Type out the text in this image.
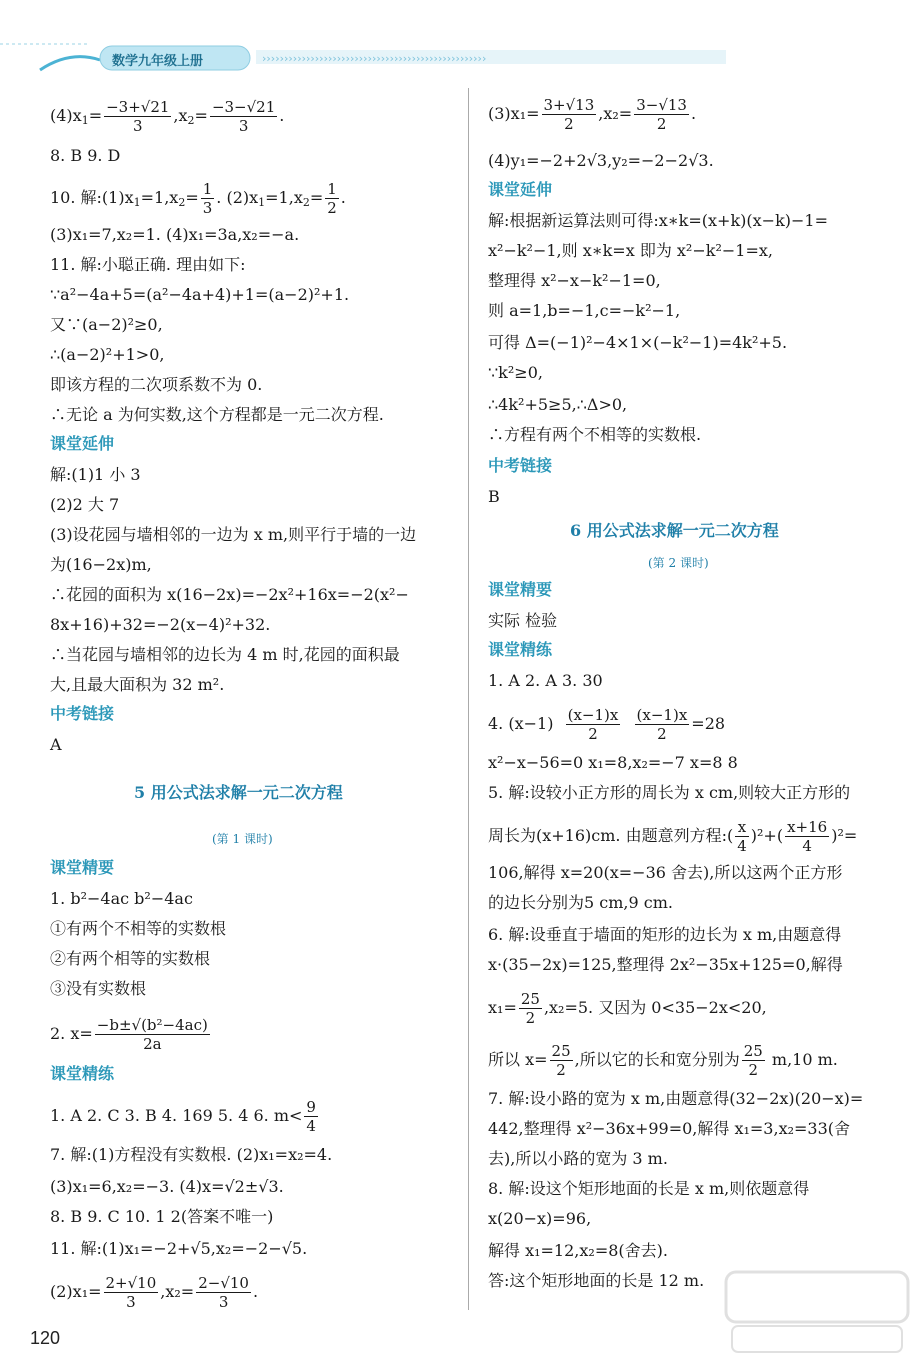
›››››››››››››››››››››››››››››››››››››››››››››››››››
数学九年级上册
$(4)x_1= \frac{-3+√21}{3} ,x_2= \frac{-3-√21}{3}$ .
8. B 9. D
10. 解$:(1)x_1=1,x_2= \frac{1}{3}$ . $(2)x_1=1,x_2= \frac{1}{2}$ .
(3)x₁=7,x₂=1. (4)x₁=3a,x₂=−a.
11. 解:小聪正确. 理由如下:
∵a²−4a+5=(a²−4a+4)+1=(a−2)²+1.
又∵(a−2)²≥0,
∴(a−2)²+1>0,
即该方程的二次项系数不为 0.
∴无论 a 为何实数,这个方程都是一元二次方程.
课堂延伸
解:(1)1 小 3
(2)2 大 7
(3)设花园与墙相邻的一边为 x m,则平行于墙的一边
为(16−2x)m,
∴花园的面积为 x(16−2x)=−2x²+16x=−2(x²−
8x+16)+32=−2(x−4)²+32.
∴当花园与墙相邻的边长为 4 m 时,花园的面积最
大,且最大面积为 32 m².
中考链接
A
5 用公式法求解一元二次方程
(第 1 课时)
课堂精要
1. b²−4ac b²−4ac
①有两个不相等的实数根
②有两个相等的实数根
③没有实数根
2. $x= \frac{\text{−b±√(b²−4ac)}}{2a}$
课堂精练
1. A 2. C 3. B 4. 169 5. 4 6. $m< \frac{9}{4}$
7. 解:(1)方程没有实数根. (2)x₁=x₂=4.
(3)x₁=6,x₂=−3. (4)x=√2±√3.
8. B 9. C 10. 1 2(答案不唯一)
11. 解:(1)x₁=−2+√5,x₂=−2−√5.
$(2)x_1= \frac{2+√10}{3} ,x_2= \frac{2-√10}{3}$ .
$(3)x_1= \frac{3+√13}{2} ,x_2= \frac{3-√13}{2}$ .
(4)y₁=−2+2√3,y₂=−2−2√3.
课堂延伸
解:根据新运算法则可得:x∗k=(x+k)(x−k)−1=
x²−k²−1,则 x∗k=x 即为 x²−k²−1=x,
整理得 x²−x−k²−1=0,
则 a=1,b=−1,c=−k²−1,
可得 Δ=(−1)²−4×1×(−k²−1)=4k²+5.
∵k²≥0,
∴4k²+5≥5,∴Δ>0,
∴方程有两个不相等的实数根.
中考链接
B
6 用公式法求解一元二次方程
(第 2 课时)
课堂精要
实际 检验
课堂精练
1. A 2. A 3. 30
4. $(x-1) \frac{(x-1)x}{2}$
$\frac{(x-1)x}{2} =28$
x²−x−56=0 x₁=8,x₂=−7 x=8 8
5. 解:设较小正方形的周长为 x cm,则较大正方形的
周长为(x+16)cm. 由题意列方程:( $\frac{x}{4} )^2+( \frac{x+16}{4} )^2=$
106,解得 x=20(x=−36 舍去),所以这两个正方形
的边长分别为5 cm,9 cm.
6. 解:设垂直于墙面的矩形的边长为 x m,由题意得
x·(35−2x)=125,整理得 2x²−35x+125=0,解得
$x_1= \frac{25}{2} ,x_2=5$. 又因为 0<35−2x<20,
所以 $x= \frac{25}{2}$ ,所以它的长和宽分别为 $\frac{25}{2} m,10$ m.
7. 解:设小路的宽为 x m,由题意得(32−2x)(20−x)=
442,整理得 x²−36x+99=0,解得 x₁=3,x₂=33(舍
去),所以小路的宽为 3 m.
8. 解:设这个矩形地面的长是 x m,则依题意得
x(20−x)=96,
解得 x₁=12,x₂=8(舍去).
答:这个矩形地面的长是 12 m.
120
